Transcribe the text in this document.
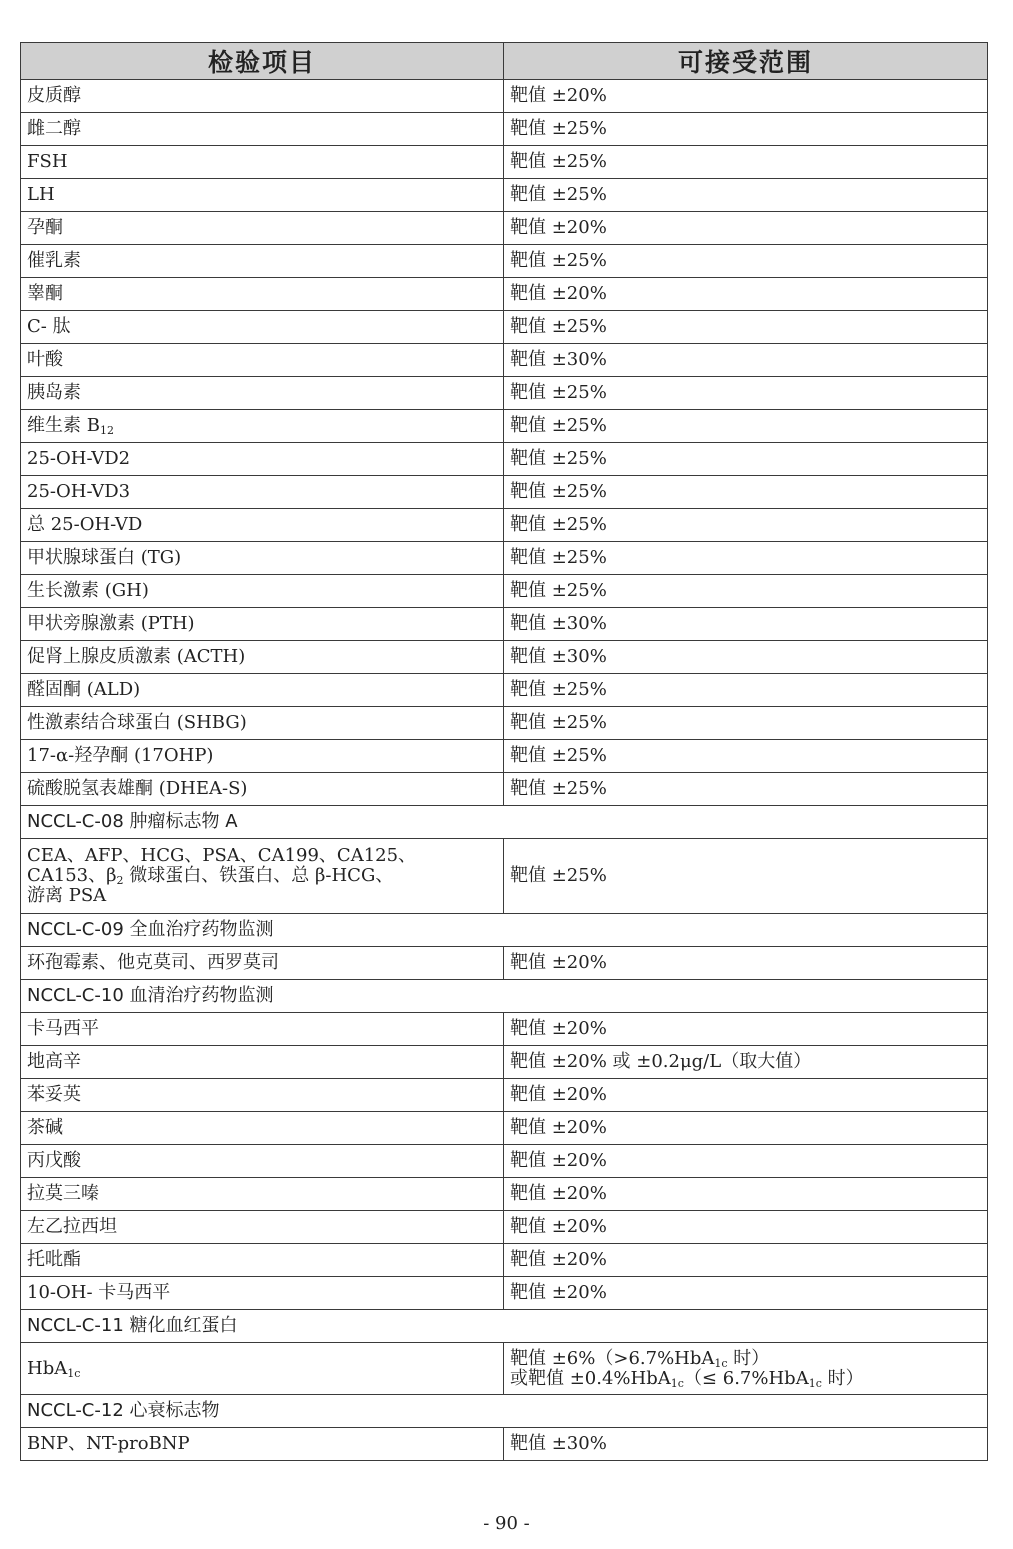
检验项目	可接受范围
皮质醇	靶值 ±20%
雌二醇	靶值 ±25%
FSH	靶值 ±25%
LH	靶值 ±25%
孕酮	靶值 ±20%
催乳素	靶值 ±25%
睾酮	靶值 ±20%
C- 肽	靶值 ±25%
叶酸	靶值 ±30%
胰岛素	靶值 ±25%
维生素 $B_{12}$	靶值 ±25%
25-OH-VD2	靶值 ±25%
25-OH-VD3	靶值 ±25%
总 25-OH-VD	靶值 ±25%
甲状腺球蛋白 (TG)	靶值 ±25%
生长激素 (GH)	靶值 ±25%
甲状旁腺激素 (PTH)	靶值 ±30%
促肾上腺皮质激素 (ACTH)	靶值 ±30%
醛固酮 (ALD)	靶值 ±25%
性激素结合球蛋白 (SHBG)	靶值 ±25%
17-α-羟孕酮 (17OHP)	靶值 ±25%
硫酸脱氢表雄酮 (DHEA-S)	靶值 ±25%
NCCL-C-08 肿瘤标志物 A	

CEA、AFP、HCG、PSA、CA199、CA125、
CA153、$\beta_2$ 微球蛋白、铁蛋白、总 β-HCG、
游离 PSA	靶值 ±25%
NCCL-C-09 全血治疗药物监测	
环孢霉素、他克莫司、西罗莫司	靶值 ±20%
NCCL-C-10 血清治疗药物监测	
卡马西平	靶值 ±20%
地高辛	靶值 ±20% 或 ±0.2μg/L（取大值）
苯妥英	靶值 ±20%
茶碱	靶值 ±20%
丙戊酸	靶值 ±20%
拉莫三嗪	靶值 ±20%
左乙拉西坦	靶值 ±20%
托吡酯	靶值 ±20%
10-OH- 卡马西平	靶值 ±20%
NCCL-C-11 糖化血红蛋白	
HbA$_{1c}$	靶值 ±6%（>6.7%HbA$_{1c}$ 时）
或靶值 ±0.4%HbA$_{1c}$（≤ 6.7%HbA$_{1c}$ 时）

NCCL-C-12 心衰标志物	
BNP、NT-proBNP	靶值 ±30%
- 90 -
